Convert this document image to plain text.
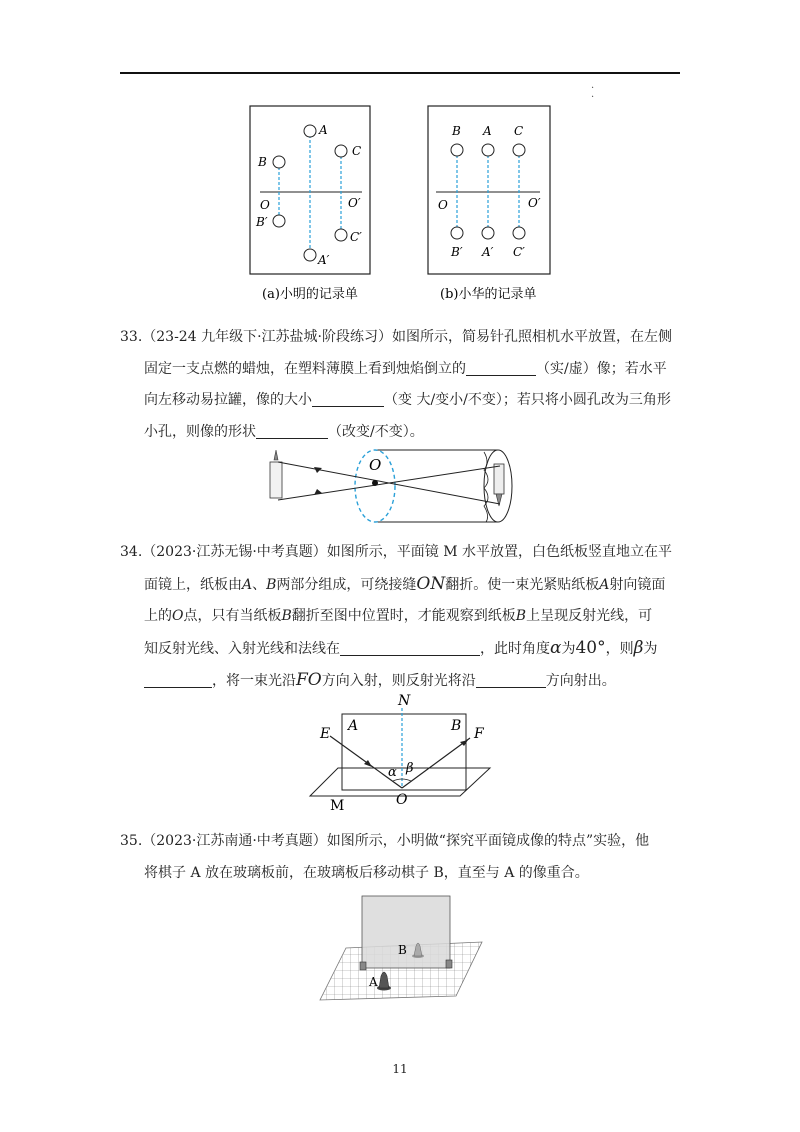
·
·
A
B
C
O	O′
B′
C′
A′
B A C
O	O′
B′ A′ C′
(a)小明的记录单	(b)小华的记录单
33.（23-24 九年级下·江苏盐城·阶段练习）如图所示，简易针孔照相机水平放置，在左侧
固定一支点燃的蜡烛，在塑料薄膜上看到烛焰倒立的	（实/虚）像；若水平
向左移动易拉罐，像的大小	（变 大/变小/不变）；若只将小圆孔改为三角形
小孔，则像的形状	（改变/不变）。
O
34.（2023·江苏无锡·中考真题）如图所示，平面镜 M 水平放置，白色纸板竖直地立在平
面镜上，纸板由A、B两部分组成，可绕接缝ON翻折。使一束光紧贴纸板A射向镜面
上的O点，只有当纸板B翻折至图中位置时，才能观察到纸板B上呈现反射光线，可
知反射光线、入射光线和法线在	，此时角度α为40°，则β为
，将一束光沿FO方向入射，则反射光将沿	方向射出。
N
A	B
E	F
α β
O
M
35.（2023·江苏南通·中考真题）如图所示，小明做“探究平面镜成像的特点”实验，他
将棋子 A 放在玻璃板前，在玻璃板后移动棋子 B，直至与 A 的像重合。
B
A
11
